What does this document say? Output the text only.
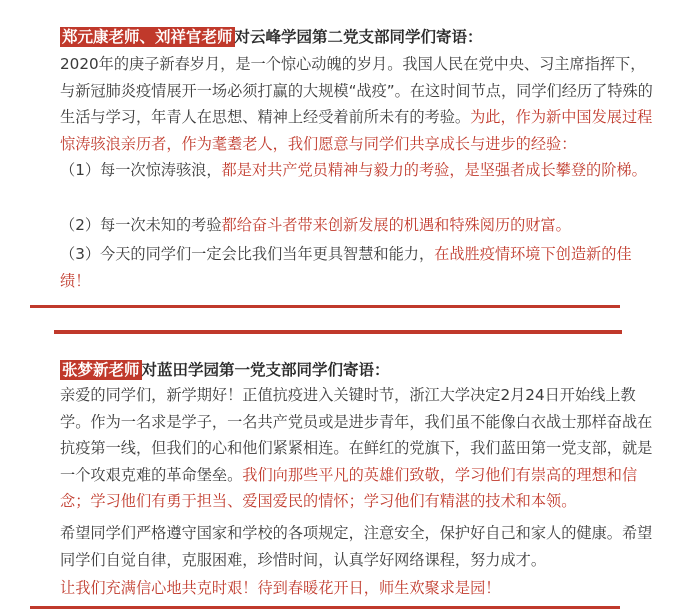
郑元康老师、刘祥官老师 对云峰学园第二党支部同学们寄语：
2020年的庚子新春岁月，是一个惊心动魄的岁月。我国人民在党中央、习主席指挥下，与新冠肺炎疫情展开一场必须打赢的大规模“战疫”。在这时间节点，同学们经历了特殊的生活与学习，年青人在思想、精神上经受着前所未有的考验。为此，作为新中国发展过程惊涛骇浪亲历者，作为耄耋老人，我们愿意与同学们共享成长与进步的经验：
（1）每一次惊涛骇浪，都是对共产党员精神与毅力的考验，是坚强者成长攀登的阶梯。
（2）每一次未知的考验都给奋斗者带来创新发展的机遇和特殊阅历的财富。
（3）今天的同学们一定会比我们当年更具智慧和能力，在战胜疫情环境下创造新的佳绩！
张梦新老师 对蓝田学园第一党支部同学们寄语：
亲爱的同学们，新学期好！正值抗疫进入关键时节，浙江大学决定2月24日开始线上教学。作为一名求是学子，一名共产党员或是进步青年，我们虽不能像白衣战士那样奋战在抗疫第一线，但我们的心和他们紧紧相连。在鲜红的党旗下，我们蓝田第一党支部，就是一个攻艰克难的革命堡垒。我们向那些平凡的英雄们致敬，学习他们有崇高的理想和信念；学习他们有勇于担当、爱国爱民的情怀；学习他们有精湛的技术和本领。
希望同学们严格遵守国家和学校的各项规定，注意安全，保护好自己和家人的健康。希望同学们自觉自律，克服困难，珍惜时间，认真学好网络课程，努力成才。
让我们充满信心地共克时艰！待到春暖花开日，师生欢聚求是园！
